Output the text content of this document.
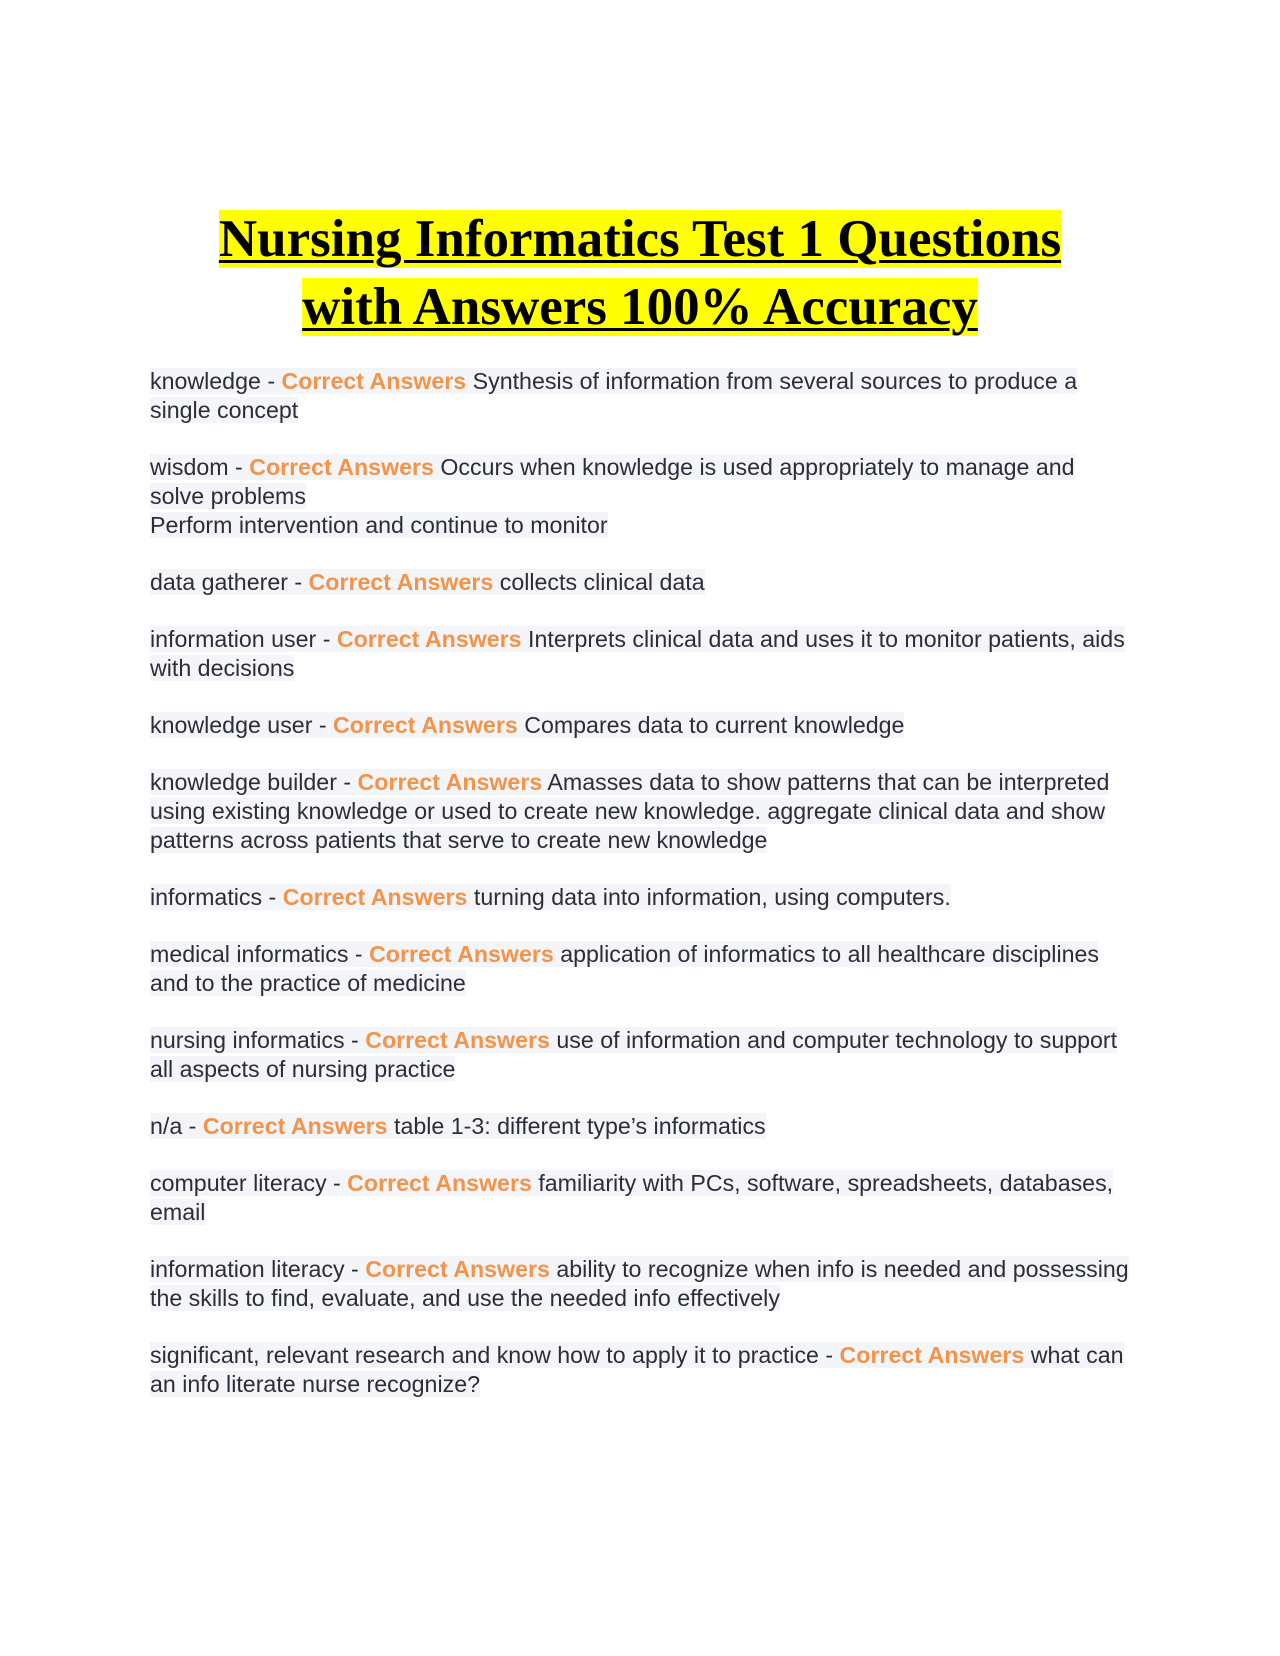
Nursing Informatics Test 1 Questions
with Answers 100% Accuracy

knowledge - Correct Answers Synthesis of information from several sources to produce a single concept

wisdom - Correct Answers Occurs when knowledge is used appropriately to manage and solve problems
Perform intervention and continue to monitor

data gatherer - Correct Answers collects clinical data

information user - Correct Answers Interprets clinical data and uses it to monitor patients, aids with decisions

knowledge user - Correct Answers Compares data to current knowledge

knowledge builder - Correct Answers Amasses data to show patterns that can be interpreted using existing knowledge or used to create new knowledge. aggregate clinical data and show patterns across patients that serve to create new knowledge

informatics - Correct Answers turning data into information, using computers.

medical informatics - Correct Answers application of informatics to all healthcare disciplines and to the practice of medicine

nursing informatics - Correct Answers use of information and computer technology to support all aspects of nursing practice

n/a - Correct Answers table 1-3: different type’s informatics

computer literacy - Correct Answers familiarity with PCs, software, spreadsheets, databases, email

information literacy - Correct Answers ability to recognize when info is needed and possessing the skills to find, evaluate, and use the needed info effectively

significant, relevant research and know how to apply it to practice - Correct Answers what can an info literate nurse recognize?
